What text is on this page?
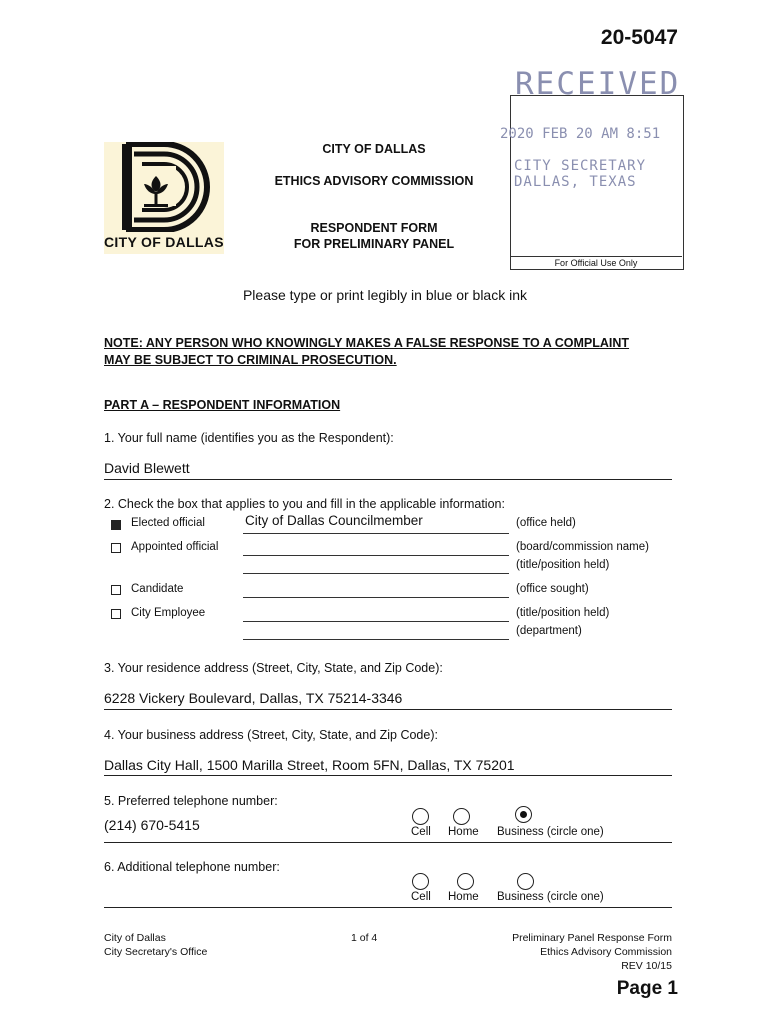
20-5047
CITY OF DALLAS
CITY OF DALLAS
ETHICS ADVISORY COMMISSION
RESPONDENT FORM
FOR PRELIMINARY PANEL
RECEIVED
2020 FEB 20 AM 8:51
CITY SECRETARY
DALLAS, TEXAS
For Official Use Only
Please type or print legibly in blue or black ink
NOTE: ANY PERSON WHO KNOWINGLY MAKES A FALSE RESPONSE TO A COMPLAINT
MAY BE SUBJECT TO CRIMINAL PROSECUTION.
PART A – RESPONDENT INFORMATION
1. Your full name (identifies you as the Respondent):
David Blewett
2. Check the box that applies to you and fill in the applicable information:
Elected official	City of Dallas Councilmember	(office held)
Appointed official	(board/commission name)
(title/position held)
Candidate	(office sought)
City Employee	(title/position held)
(department)
3. Your residence address (Street, City, State, and Zip Code):
6228 Vickery Boulevard, Dallas, TX 75214-3346
4. Your business address (Street, City, State, and Zip Code):
Dallas City Hall, 1500 Marilla Street, Room 5FN, Dallas, TX 75201
5. Preferred telephone number:
(214) 670-5415	Cell Home Business (circle one)
6. Additional telephone number:
Cell Home Business (circle one)
City of Dallas
City Secretary's Office
1 of 4	Preliminary Panel Response Form
Ethics Advisory Commission
REV 10/15
Page 1
